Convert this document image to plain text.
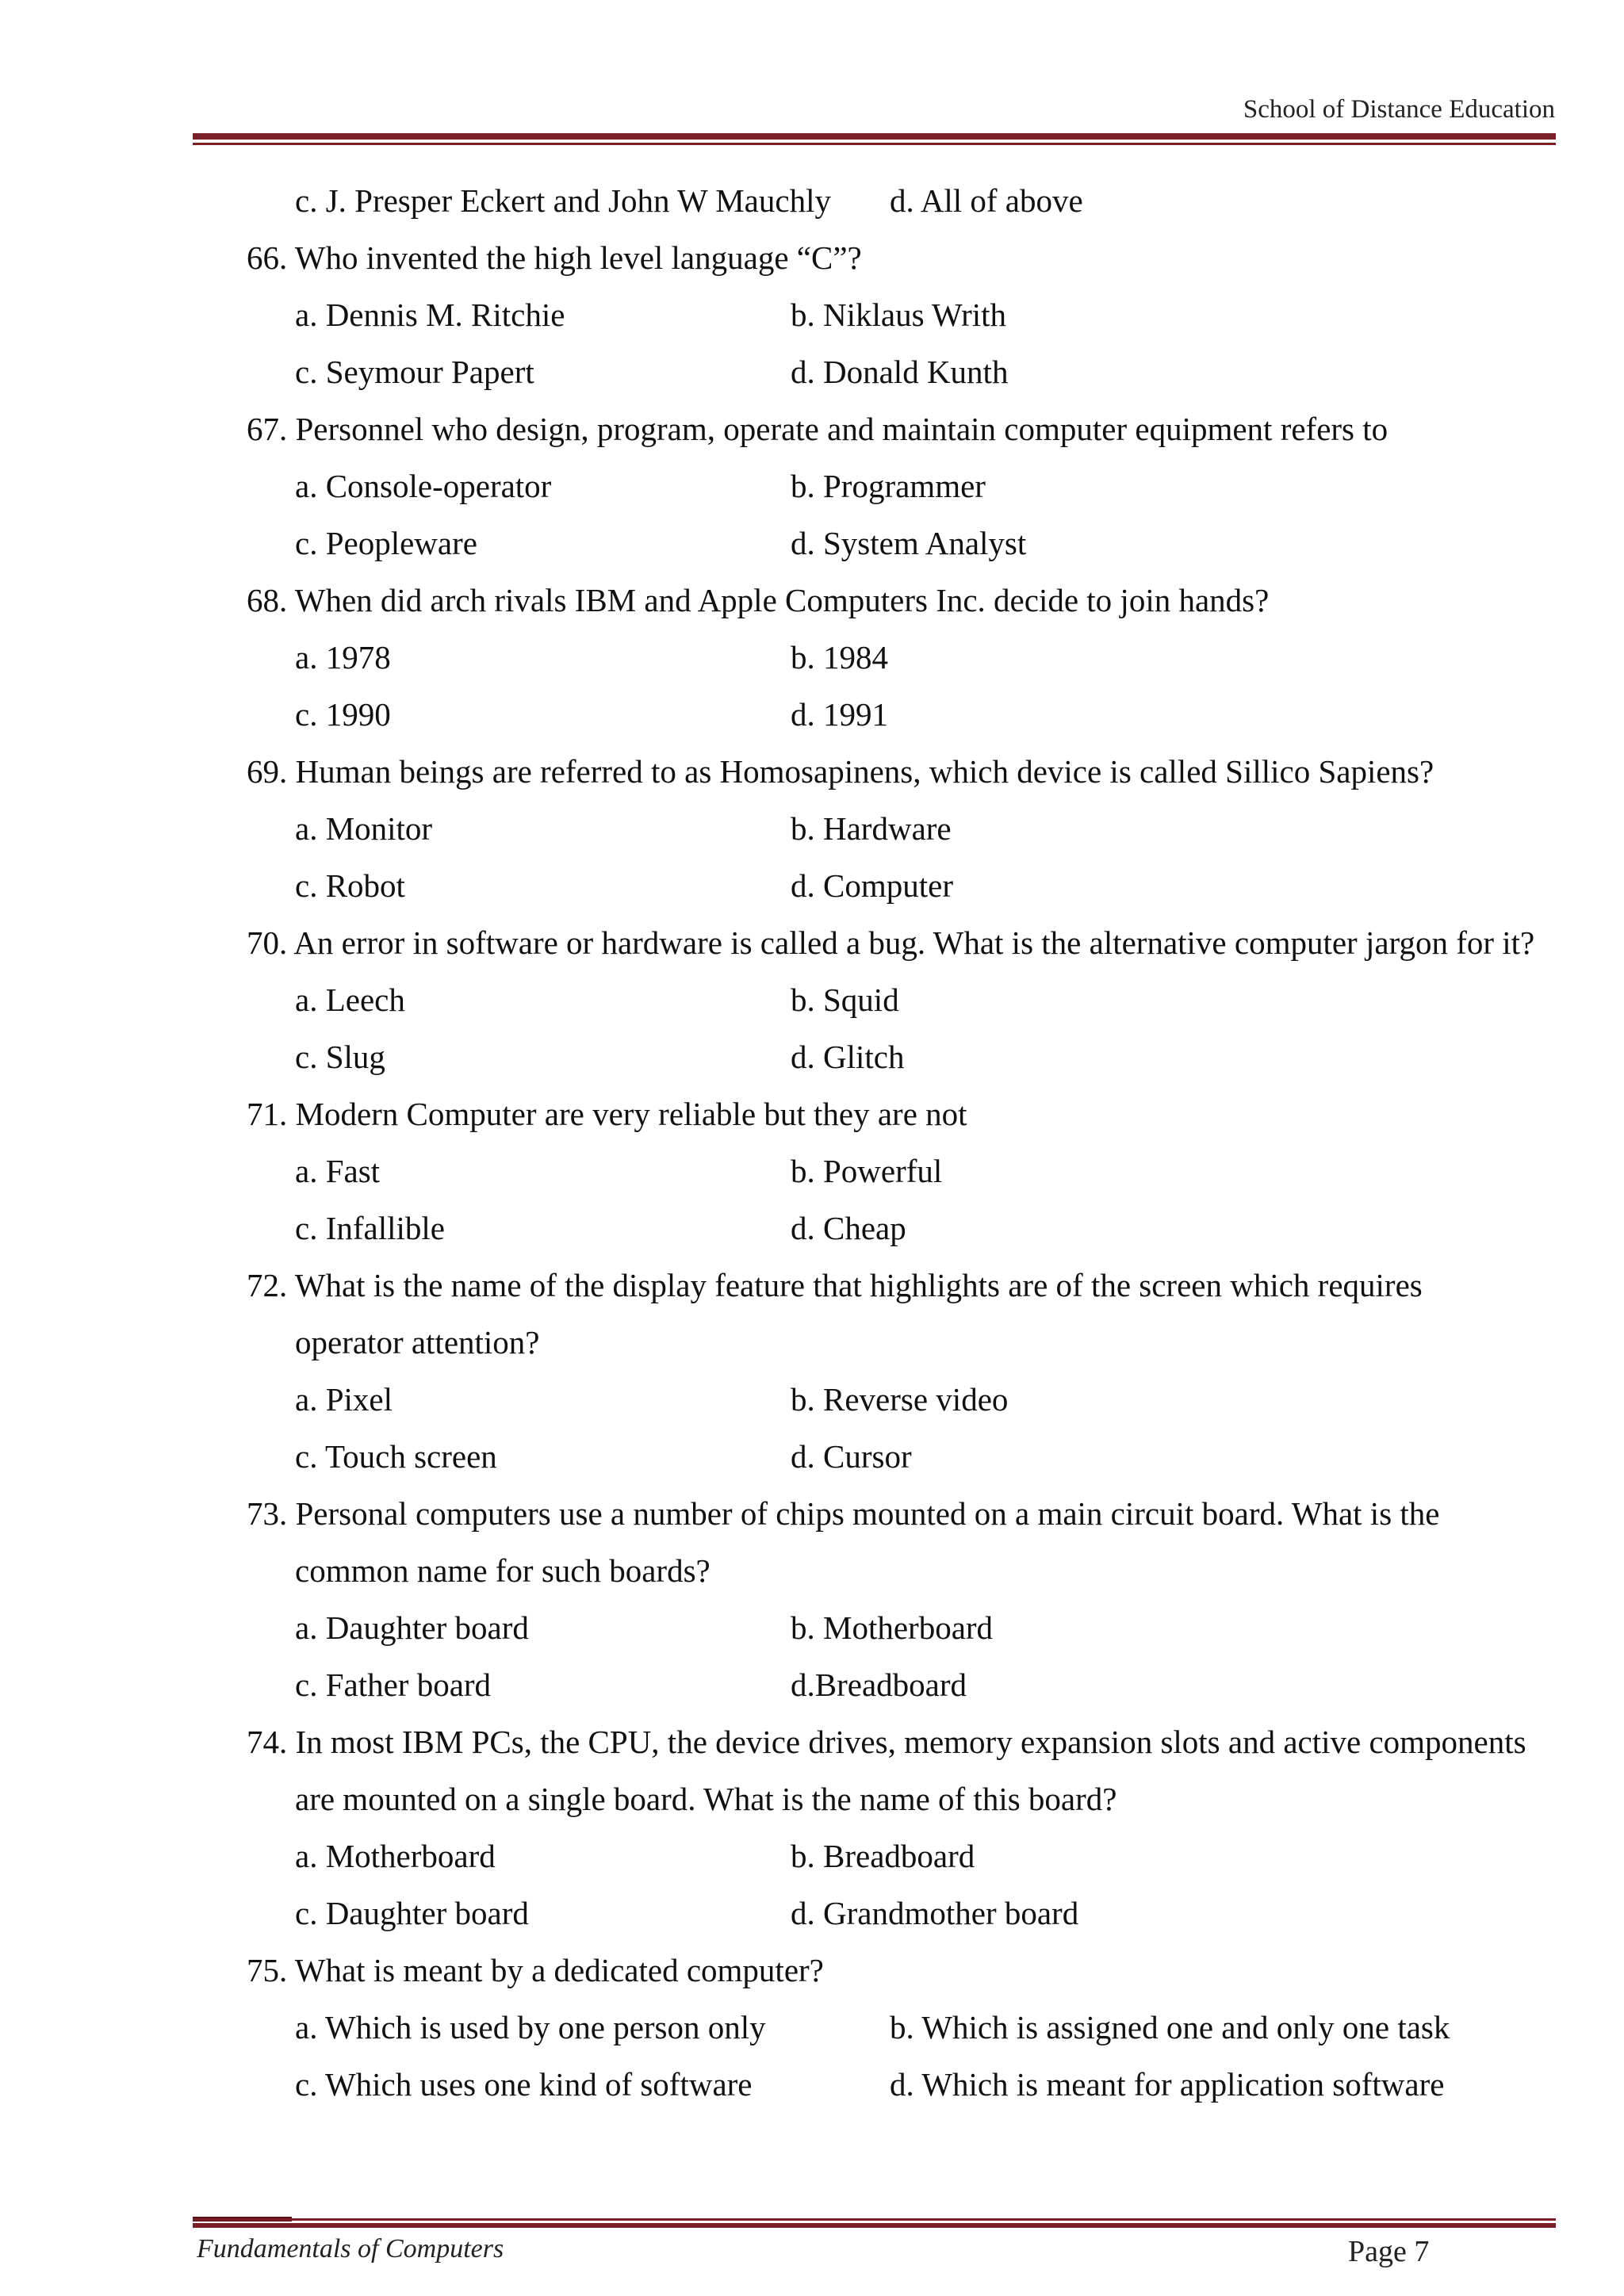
School of Distance Education
c. J. Presper Eckert and John W Mauchly d. All of above
66. Who invented the high level language “C”?
a. Dennis M. Ritchie	b. Niklaus Writh
c. Seymour Papert	d. Donald Kunth
67. Personnel who design, program, operate and maintain computer equipment refers to
a. Console-operator	b. Programmer
c. Peopleware	d. System Analyst
68. When did arch rivals IBM and Apple Computers Inc. decide to join hands?
a. 1978	b. 1984
c. 1990	d. 1991
69. Human beings are referred to as Homosapinens, which device is called Sillico Sapiens?
a. Monitor	b. Hardware
c. Robot	d. Computer
70. An error in software or hardware is called a bug. What is the alternative computer jargon for it?
a. Leech	b. Squid
c. Slug	d. Glitch
71. Modern Computer are very reliable but they are not
a. Fast	b. Powerful
c. Infallible	d. Cheap
72. What is the name of the display feature that highlights are of the screen which requires
operator attention?
a. Pixel	b. Reverse video
c. Touch screen	d. Cursor
73. Personal computers use a number of chips mounted on a main circuit board. What is the
common name for such boards?
a. Daughter board	b. Motherboard
c. Father board	d.Breadboard
74. In most IBM PCs, the CPU, the device drives, memory expansion slots and active components
are mounted on a single board. What is the name of this board?
a. Motherboard	b. Breadboard
c. Daughter board	d. Grandmother board
75. What is meant by a dedicated computer?
a. Which is used by one person only	b. Which is assigned one and only one task
c. Which uses one kind of software	d. Which is meant for application software
Fundamentals of Computers	Page 7
